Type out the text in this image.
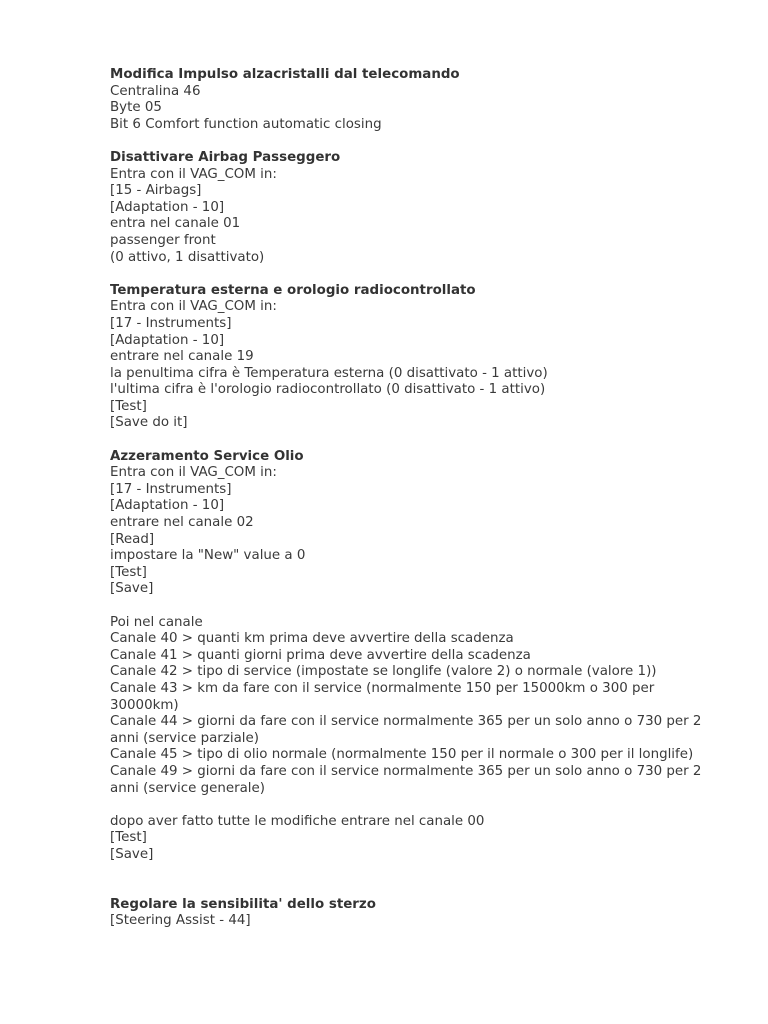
Modifica Impulso alzacristalli dal telecomando
Centralina 46
Byte 05
Bit 6 Comfort function automatic closing
Disattivare Airbag Passeggero
Entra con il VAG_COM in:
[15 - Airbags]
[Adaptation - 10]
entra nel canale 01
passenger front
(0 attivo, 1 disattivato)
Temperatura esterna e orologio radiocontrollato
Entra con il VAG_COM in:
[17 - Instruments]
[Adaptation - 10]
entrare nel canale 19
la penultima cifra è Temperatura esterna (0 disattivato - 1 attivo)
l'ultima cifra è l'orologio radiocontrollato (0 disattivato - 1 attivo)
[Test]
[Save do it]
Azzeramento Service Olio
Entra con il VAG_COM in:
[17 - Instruments]
[Adaptation - 10]
entrare nel canale 02
[Read]
impostare la "New" value a 0
[Test]
[Save]
Poi nel canale
Canale 40 > quanti km prima deve avvertire della scadenza
Canale 41 > quanti giorni prima deve avvertire della scadenza
Canale 42 > tipo di service (impostate se longlife (valore 2) o normale (valore 1))
Canale 43 > km da fare con il service (normalmente 150 per 15000km o 300 per 30000km)
Canale 44 > giorni da fare con il service normalmente 365 per un solo anno o 730 per 2 anni (service parziale)
Canale 45 > tipo di olio normale (normalmente 150 per il normale o 300 per il longlife)
Canale 49 > giorni da fare con il service normalmente 365 per un solo anno o 730 per 2 anni (service generale)
dopo aver fatto tutte le modifiche entrare nel canale 00
[Test]
[Save]
Regolare la sensibilita' dello sterzo
[Steering Assist - 44]
